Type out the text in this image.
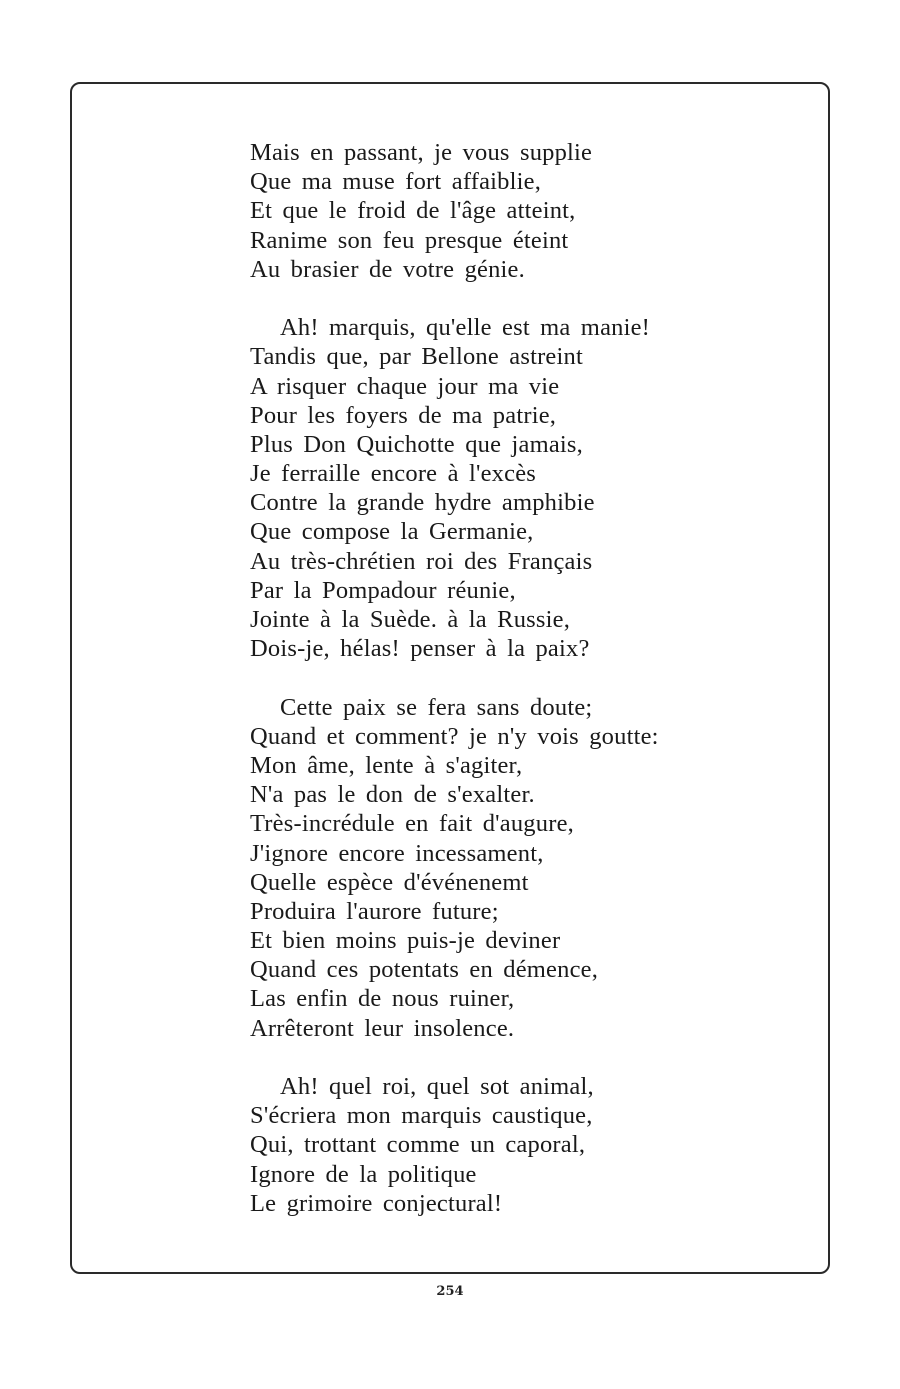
Mais en passant, je vous supplie
Que ma muse fort affaiblie,
Et que le froid de l'âge atteint,
Ranime son feu presque éteint
Au brasier de votre génie.
Ah! marquis, qu'elle est ma manie!
Tandis que, par Bellone astreint
A risquer chaque jour ma vie
Pour les foyers de ma patrie,
Plus Don Quichotte que jamais,
Je ferraille encore à l'excès
Contre la grande hydre amphibie
Que compose la Germanie,
Au très-chrétien roi des Français
Par la Pompadour réunie,
Jointe à la Suède. à la Russie,
Dois-je, hélas! penser à la paix?
Cette paix se fera sans doute;
Quand et comment? je n'y vois goutte:
Mon âme, lente à s'agiter,
N'a pas le don de s'exalter.
Très-incrédule en fait d'augure,
J'ignore encore incessament,
Quelle espèce d'événenemt
Produira l'aurore future;
Et bien moins puis-je deviner
Quand ces potentats en démence,
Las enfin de nous ruiner,
Arrêteront leur insolence.
Ah! quel roi, quel sot animal,
S'écriera mon marquis caustique,
Qui, trottant comme un caporal,
Ignore de la politique
Le grimoire conjectural!
254
